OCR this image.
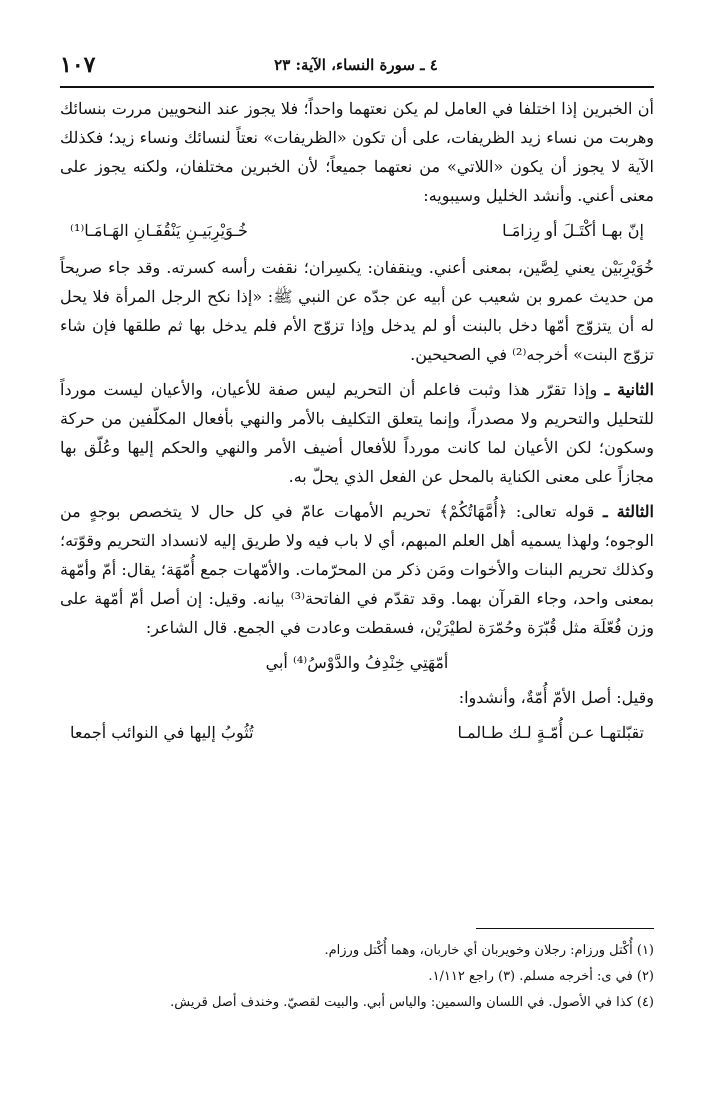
٤ ـ سورة النساء، الآية: ٢٣
١٠٧

أن الخبرين إذا اختلفا في العامل لم يكن نعتهما واحداً؛ فلا يجوز عند النحويين مررت بنسائك وهربت من نساء زيد الظريفات، على أن تكون «الظريفات» نعتاً لنسائك ونساء زيد؛ فكذلك الآية لا يجوز أن يكون «اللاتي» من نعتهما جميعاً؛ لأن الخبرين مختلفان، ولكنه يجوز على معنى أعني. وأنشد الخليل وسيبويه:

إنّ بهـا أكْتَـلَ أو رِزامَـا
خُـوَيْرِبَيـنِ يَنْقُفَـانِ الهَـامَـا⁽¹⁾

خُوَيْرِبَيْن يعني لِصَّين، بمعنى أعني. وينقفان: يكسِران؛ نقفت رأسه كسرته. وقد جاء صريحاً من حديث عمرو بن شعيب عن أبيه عن جدّه عن النبي ﷺ: «إذا نكح الرجل المرأة فلا يحل له أن يتزوّج أمّها دخل بالبنت أو لم يدخل وإذا تزوّج الأم فلم يدخل بها ثم طلقها فإن شاء تزوّج البنت» أخرجه⁽²⁾ في الصحيحين.

الثانية ـ وإذا تقرّر هذا وثبت فاعلم أن التحريم ليس صفة للأعيان، والأعيان ليست مورداً للتحليل والتحريم ولا مصدراً، وإنما يتعلق التكليف بالأمر والنهي بأفعال المكلّفين من حركة وسكون؛ لكن الأعيان لما كانت مورداً للأفعال أضيف الأمر والنهي والحكم إليها وعُلّق بها مجازاً على معنى الكناية بالمحل عن الفعل الذي يحلّ به.

الثالثة ـ قوله تعالى: ﴿أُمَّهَاتُكُمْ﴾ تحريم الأمهات عامّ في كل حال لا يتخصص بوجهٍ من الوجوه؛ ولهذا يسميه أهل العلم المبهم، أي لا باب فيه ولا طريق إليه لانسداد التحريم وقوّته؛ وكذلك تحريم البنات والأخوات ومَن ذكر من المحرّمات. والأمّهات جمع أُمّهَة؛ يقال: أمّ وأمّهة بمعنى واحد، وجاء القرآن بهما. وقد تقدّم في الفاتحة⁽³⁾ بيانه. وقيل: إن أصل أمّ أمّهة على وزن فُعّلَة مثل قُبّرَة وحُمّرَة لطيْرَيْن، فسقطت وعادت في الجمع. قال الشاعر:

أمّهَتِي خِنْدِفُ والدَّوْسُ⁽⁴⁾ أبي

وقيل: أصل الأمّ أُمّةٌ، وأنشدوا:

تقبّلتهـا عـن أُمّـةٍ لـك طـالمـا
تُثُوبُ إليها في النوائب أجمعا
(١) أُكْتل ورزام: رجلان وخويربان أي خاربان، وهما أُكْتل ورزام.
(٢) في ى: أخرجه مسلم. (٣) راجع ١/١١٢.
(٤) كذا في الأصول. في اللسان والسمين: والياس أبي. والبيت لقصيّ. وخندف أصل قريش.
